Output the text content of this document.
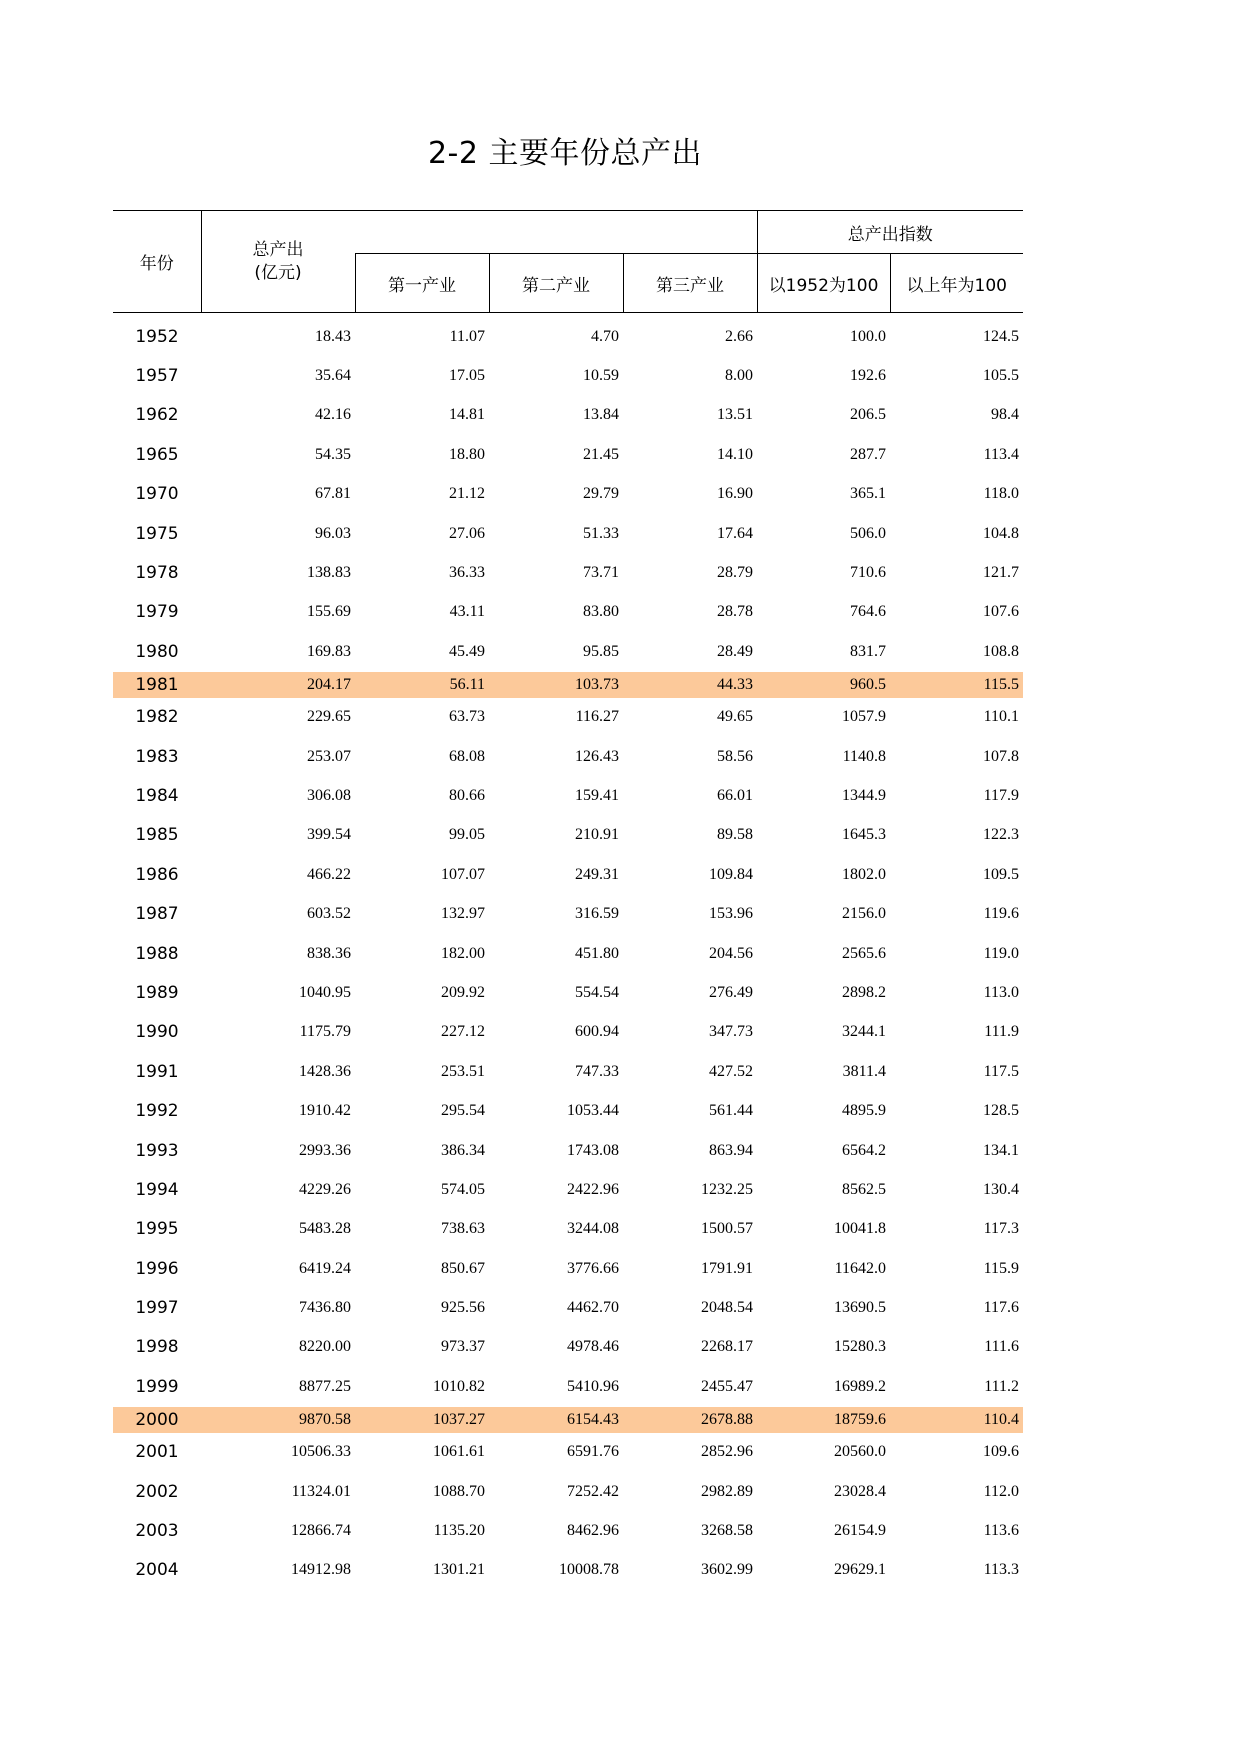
2-2 主要年份总产出
年份	总产出
(亿元)				总产出指数	
		第一产业	第二产业	第三产业	以1952为100	以上年为100
1952	18.43	11.07	4.70	2.66	100.0	124.5
1957	35.64	17.05	10.59	8.00	192.6	105.5
1962	42.16	14.81	13.84	13.51	206.5	98.4
1965	54.35	18.80	21.45	14.10	287.7	113.4
1970	67.81	21.12	29.79	16.90	365.1	118.0
1975	96.03	27.06	51.33	17.64	506.0	104.8
1978	138.83	36.33	73.71	28.79	710.6	121.7
1979	155.69	43.11	83.80	28.78	764.6	107.6
1980	169.83	45.49	95.85	28.49	831.7	108.8
1981	204.17	56.11	103.73	44.33	960.5	115.5
1982	229.65	63.73	116.27	49.65	1057.9	110.1
1983	253.07	68.08	126.43	58.56	1140.8	107.8
1984	306.08	80.66	159.41	66.01	1344.9	117.9
1985	399.54	99.05	210.91	89.58	1645.3	122.3
1986	466.22	107.07	249.31	109.84	1802.0	109.5
1987	603.52	132.97	316.59	153.96	2156.0	119.6
1988	838.36	182.00	451.80	204.56	2565.6	119.0
1989	1040.95	209.92	554.54	276.49	2898.2	113.0
1990	1175.79	227.12	600.94	347.73	3244.1	111.9
1991	1428.36	253.51	747.33	427.52	3811.4	117.5
1992	1910.42	295.54	1053.44	561.44	4895.9	128.5
1993	2993.36	386.34	1743.08	863.94	6564.2	134.1
1994	4229.26	574.05	2422.96	1232.25	8562.5	130.4
1995	5483.28	738.63	3244.08	1500.57	10041.8	117.3
1996	6419.24	850.67	3776.66	1791.91	11642.0	115.9
1997	7436.80	925.56	4462.70	2048.54	13690.5	117.6
1998	8220.00	973.37	4978.46	2268.17	15280.3	111.6
1999	8877.25	1010.82	5410.96	2455.47	16989.2	111.2
2000	9870.58	1037.27	6154.43	2678.88	18759.6	110.4
2001	10506.33	1061.61	6591.76	2852.96	20560.0	109.6
2002	11324.01	1088.70	7252.42	2982.89	23028.4	112.0
2003	12866.74	1135.20	8462.96	3268.58	26154.9	113.6
2004	14912.98	1301.21	10008.78	3602.99	29629.1	113.3
